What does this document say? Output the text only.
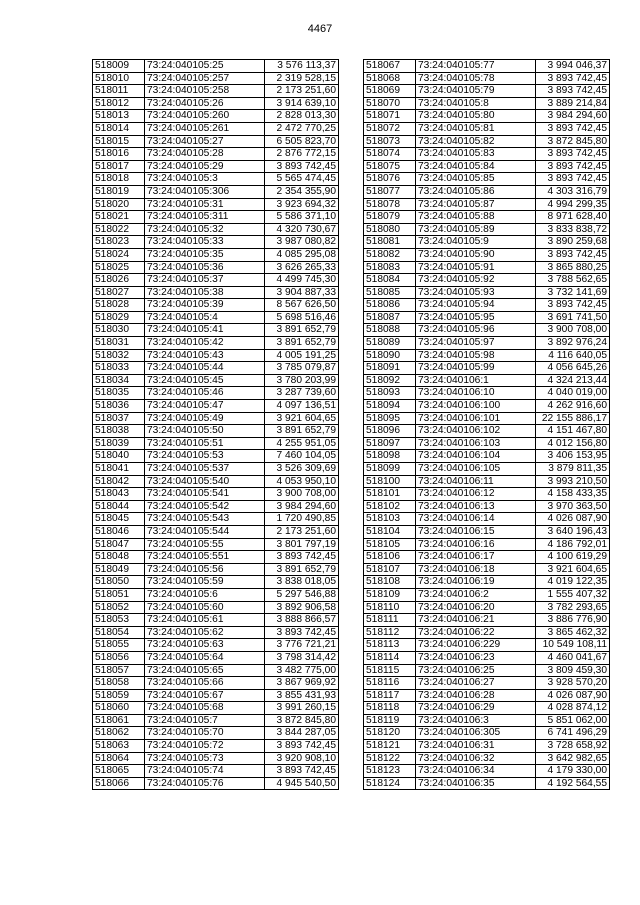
4467
518009	73:24:040105:25	3 576 113,37
518010	73:24:040105:257	2 319 528,15
518011	73:24:040105:258	2 173 251,60
518012	73:24:040105:26	3 914 639,10
518013	73:24:040105:260	2 828 013,30
518014	73:24:040105:261	2 472 770,25
518015	73:24:040105:27	6 505 823,70
518016	73:24:040105:28	2 876 772,15
518017	73:24:040105:29	3 893 742,45
518018	73:24:040105:3	5 565 474,45
518019	73:24:040105:306	2 354 355,90
518020	73:24:040105:31	3 923 694,32
518021	73:24:040105:311	5 586 371,10
518022	73:24:040105:32	4 320 730,67
518023	73:24:040105:33	3 987 080,82
518024	73:24:040105:35	4 085 295,08
518025	73:24:040105:36	3 626 265,33
518026	73:24:040105:37	4 499 745,30
518027	73:24:040105:38	3 904 887,33
518028	73:24:040105:39	8 567 626,50
518029	73:24:040105:4	5 698 516,46
518030	73:24:040105:41	3 891 652,79
518031	73:24:040105:42	3 891 652,79
518032	73:24:040105:43	4 005 191,25
518033	73:24:040105:44	3 785 079,87
518034	73:24:040105:45	3 780 203,99
518035	73:24:040105:46	3 287 739,60
518036	73:24:040105:47	4 097 136,51
518037	73:24:040105:49	3 921 604,65
518038	73:24:040105:50	3 891 652,79
518039	73:24:040105:51	4 255 951,05
518040	73:24:040105:53	7 460 104,05
518041	73:24:040105:537	3 526 309,69
518042	73:24:040105:540	4 053 950,10
518043	73:24:040105:541	3 900 708,00
518044	73:24:040105:542	3 984 294,60
518045	73:24:040105:543	1 720 490,85
518046	73:24:040105:544	2 173 251,60
518047	73:24:040105:55	3 801 797,19
518048	73:24:040105:551	3 893 742,45
518049	73:24:040105:56	3 891 652,79
518050	73:24:040105:59	3 838 018,05
518051	73:24:040105:6	5 297 546,88
518052	73:24:040105:60	3 892 906,58
518053	73:24:040105:61	3 888 866,57
518054	73:24:040105:62	3 893 742,45
518055	73:24:040105:63	3 776 721,21
518056	73:24:040105:64	3 798 314,42
518057	73:24:040105:65	3 482 775,00
518058	73:24:040105:66	3 867 969,92
518059	73:24:040105:67	3 855 431,93
518060	73:24:040105:68	3 991 260,15
518061	73:24:040105:7	3 872 845,80
518062	73:24:040105:70	3 844 287,05
518063	73:24:040105:72	3 893 742,45
518064	73:24:040105:73	3 920 908,10
518065	73:24:040105:74	3 893 742,45
518066	73:24:040105:76	4 945 540,50
518067	73:24:040105:77	3 994 046,37
518068	73:24:040105:78	3 893 742,45
518069	73:24:040105:79	3 893 742,45
518070	73:24:040105:8	3 889 214,84
518071	73:24:040105:80	3 984 294,60
518072	73:24:040105:81	3 893 742,45
518073	73:24:040105:82	3 872 845,80
518074	73:24:040105:83	3 893 742,45
518075	73:24:040105:84	3 893 742,45
518076	73:24:040105:85	3 893 742,45
518077	73:24:040105:86	4 303 316,79
518078	73:24:040105:87	4 994 299,35
518079	73:24:040105:88	8 971 628,40
518080	73:24:040105:89	3 833 838,72
518081	73:24:040105:9	3 890 259,68
518082	73:24:040105:90	3 893 742,45
518083	73:24:040105:91	3 865 880,25
518084	73:24:040105:92	3 788 562,65
518085	73:24:040105:93	3 732 141,69
518086	73:24:040105:94	3 893 742,45
518087	73:24:040105:95	3 691 741,50
518088	73:24:040105:96	3 900 708,00
518089	73:24:040105:97	3 892 976,24
518090	73:24:040105:98	4 116 640,05
518091	73:24:040105:99	4 056 645,26
518092	73:24:040106:1	4 324 213,44
518093	73:24:040106:10	4 040 019,00
518094	73:24:040106:100	4 262 916,60
518095	73:24:040106:101	22 155 886,17
518096	73:24:040106:102	4 151 467,80
518097	73:24:040106:103	4 012 156,80
518098	73:24:040106:104	3 406 153,95
518099	73:24:040106:105	3 879 811,35
518100	73:24:040106:11	3 993 210,50
518101	73:24:040106:12	4 158 433,35
518102	73:24:040106:13	3 970 363,50
518103	73:24:040106:14	4 026 087,90
518104	73:24:040106:15	3 640 196,43
518105	73:24:040106:16	4 186 792,01
518106	73:24:040106:17	4 100 619,29
518107	73:24:040106:18	3 921 604,65
518108	73:24:040106:19	4 019 122,35
518109	73:24:040106:2	1 555 407,32
518110	73:24:040106:20	3 782 293,65
518111	73:24:040106:21	3 886 776,90
518112	73:24:040106:22	3 865 462,32
518113	73:24:040106:229	10 549 108,11
518114	73:24:040106:23	4 460 041,67
518115	73:24:040106:25	3 809 459,30
518116	73:24:040106:27	3 928 570,20
518117	73:24:040106:28	4 026 087,90
518118	73:24:040106:29	4 028 874,12
518119	73:24:040106:3	5 851 062,00
518120	73:24:040106:305	6 741 496,29
518121	73:24:040106:31	3 728 658,92
518122	73:24:040106:32	3 642 982,65
518123	73:24:040106:34	4 179 330,00
518124	73:24:040106:35	4 192 564,55
